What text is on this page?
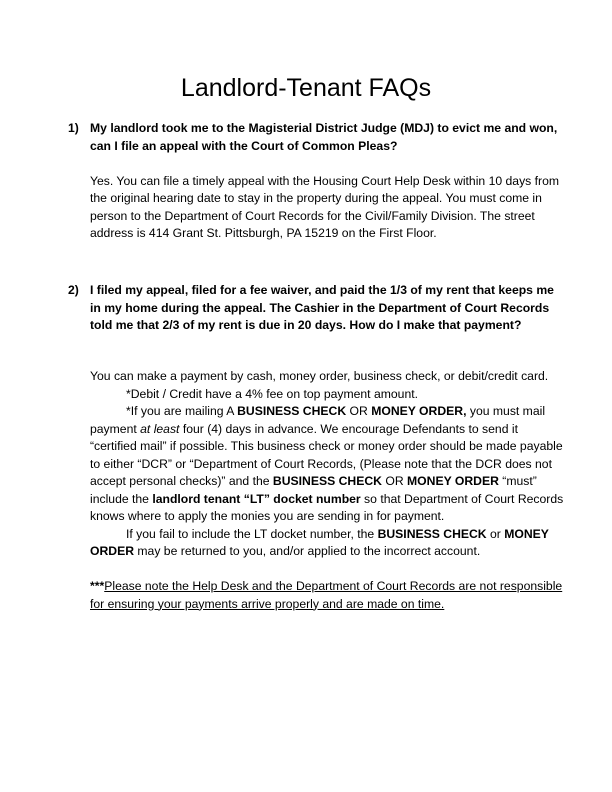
Landlord-Tenant FAQs
1) My landlord took me to the Magisterial District Judge (MDJ) to evict me and won, can I file an appeal with the Court of Common Pleas?

Yes. You can file a timely appeal with the Housing Court Help Desk within 10 days from the original hearing date to stay in the property during the appeal. You must come in person to the Department of Court Records for the Civil/Family Division. The street address is 414 Grant St. Pittsburgh, PA 15219 on the First Floor.

2) I filed my appeal, filed for a fee waiver, and paid the 1/3 of my rent that keeps me in my home during the appeal. The Cashier in the Department of Court Records told me that 2/3 of my rent is due in 20 days. How do I make that payment?

You can make a payment by cash, money order, business check, or debit/credit card.

*Debit / Credit have a 4% fee on top payment amount.

*If you are mailing A BUSINESS CHECK OR MONEY ORDER, you must mail payment at least four (4) days in advance. We encourage Defendants to send it “certified mail” if possible. This business check or money order should be made payable to either “DCR” or “Department of Court Records, (Please note that the DCR does not accept personal checks)” and the BUSINESS CHECK OR MONEY ORDER “must” include the landlord tenant “LT” docket number so that Department of Court Records knows where to apply the monies you are sending in for payment.

If you fail to include the LT docket number, the BUSINESS CHECK or MONEY ORDER may be returned to you, and/or applied to the incorrect account.

***Please note the Help Desk and the Department of Court Records are not responsible for ensuring your payments arrive properly and are made on time.
